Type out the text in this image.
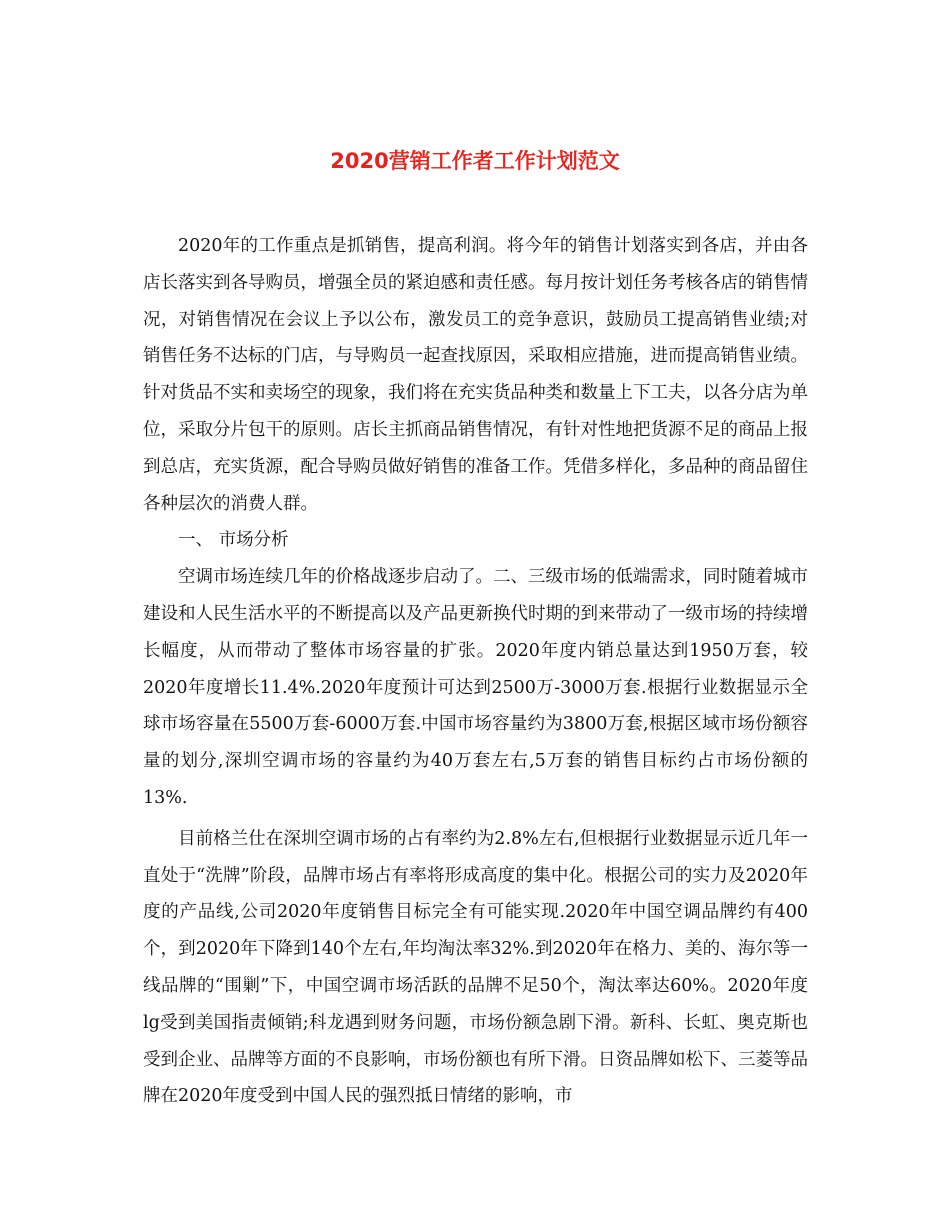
2020营销工作者工作计划范文

2020年的工作重点是抓销售，提高利润。将今年的销售计划落实到各店，并由各店长落实到各导购员，增强全员的紧迫感和责任感。每月按计划任务考核各店的销售情况，对销售情况在会议上予以公布，激发员工的竞争意识，鼓励员工提高销售业绩;对销售任务不达标的门店，与导购员一起查找原因，采取相应措施，进而提高销售业绩。针对货品不实和卖场空的现象，我们将在充实货品种类和数量上下工夫，以各分店为单位，采取分片包干的原则。店长主抓商品销售情况，有针对性地把货源不足的商品上报到总店，充实货源，配合导购员做好销售的准备工作。凭借多样化，多品种的商品留住各种层次的消费人群。

一、 市场分析

空调市场连续几年的价格战逐步启动了。二、三级市场的低端需求，同时随着城市建设和人民生活水平的不断提高以及产品更新换代时期的到来带动了一级市场的持续增长幅度，从而带动了整体市场容量的扩张。2020年度内销总量达到1950万套，较2020年度增长11.4%.2020年度预计可达到2500万-3000万套.根据行业数据显示全球市场容量在5500万套-6000万套.中国市场容量约为3800万套,根据区域市场份额容量的划分,深圳空调市场的容量约为40万套左右,5万套的销售目标约占市场份额的13%.

目前格兰仕在深圳空调市场的占有率约为2.8%左右,但根据行业数据显示近几年一直处于“洗牌”阶段，品牌市场占有率将形成高度的集中化。根据公司的实力及2020年度的产品线,公司2020年度销售目标完全有可能实现.2020年中国空调品牌约有400个，到2020年下降到140个左右,年均淘汰率32%.到2020年在格力、美的、海尔等一线品牌的“围剿”下，中国空调市场活跃的品牌不足50个，淘汰率达60%。2020年度lg受到美国指责倾销;科龙遇到财务问题，市场份额急剧下滑。新科、长虹、奥克斯也受到企业、品牌等方面的不良影响，市场份额也有所下滑。日资品牌如松下、三菱等品牌在2020年度受到中国人民的强烈抵日情绪的影响，市
